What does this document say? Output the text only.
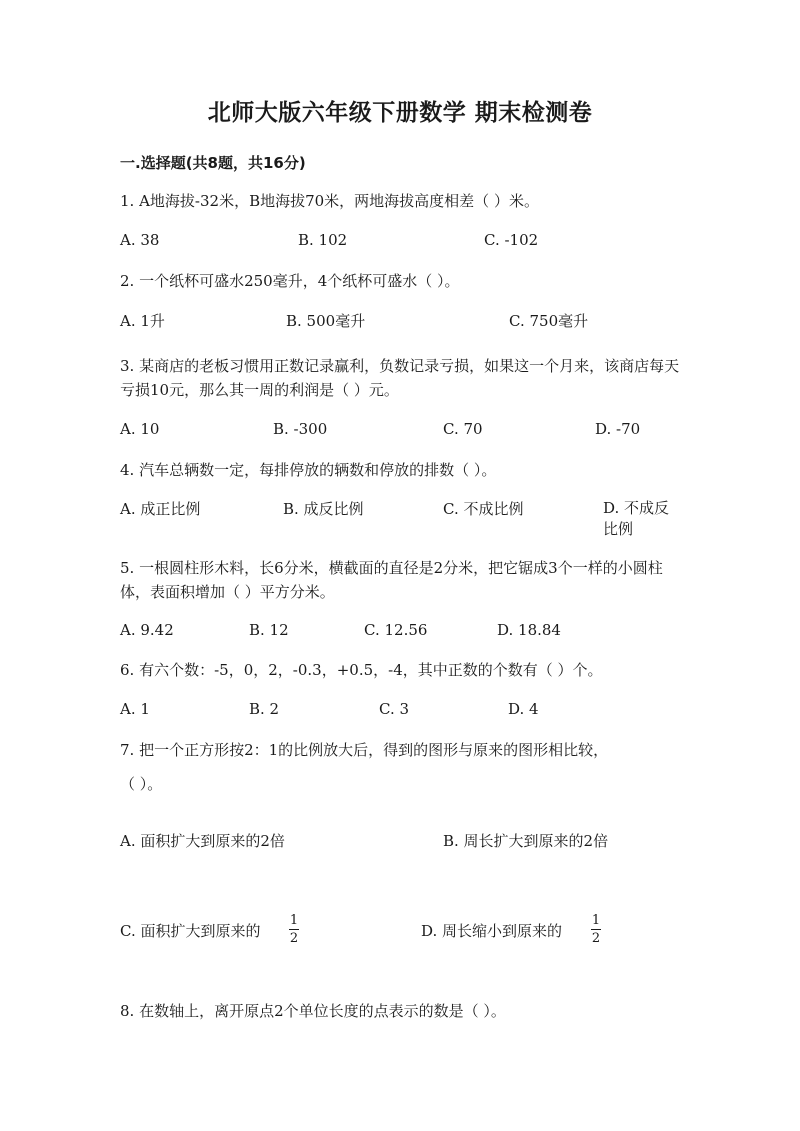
北师大版六年级下册数学 期末检测卷
一.选择题(共8题，共16分)
1. A地海拔-32米，B地海拔70米，两地海拔高度相差（ ）米。
A. 38	B. 102	C. -102
2. 一个纸杯可盛水250毫升，4个纸杯可盛水（ ）。
A. 1升	B. 500毫升	C. 750毫升
3. 某商店的老板习惯用正数记录赢利，负数记录亏损，如果这一个月来，该商店每天亏损10元，那么其一周的利润是（ ）元。
A. 10	B. -300	C. 70	D. -70
4. 汽车总辆数一定，每排停放的辆数和停放的排数（ ）。
A. 成正比例	B. 成反比例	C. 不成比例	D. 不成反比例
5. 一根圆柱形木料，长6分米，横截面的直径是2分米，把它锯成3个一样的小圆柱体，表面积增加（ ）平方分米。
A. 9.42	B. 12	C. 12.56	D. 18.84
6. 有六个数：-5，0，2，-0.3，+0.5，-4，其中正数的个数有（ ）个。
A. 1	B. 2	C. 3	D. 4
7. 把一个正方形按2：1的比例放大后，得到的图形与原来的图形相比较，
（ ）。
A. 面积扩大到原来的2倍	B. 周长扩大到原来的2倍
C. 面积扩大到原来的 $\frac{1}{2}$	D. 周长缩小到原来的 $\frac{1}{2}$
8. 在数轴上，离开原点2个单位长度的点表示的数是（ ）。
